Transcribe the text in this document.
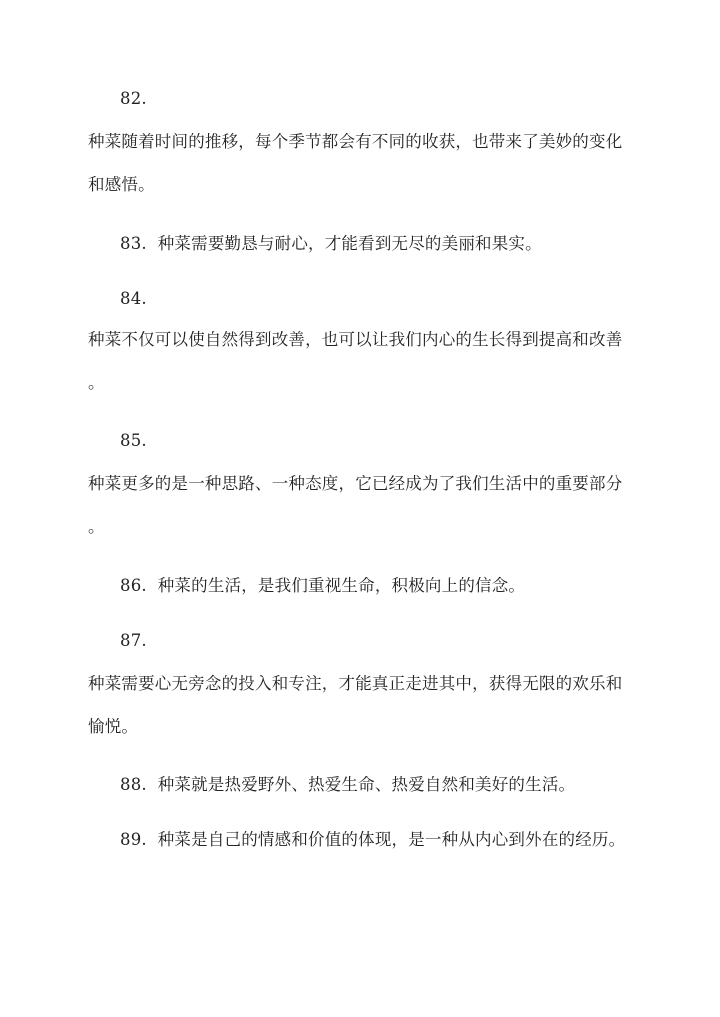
82.
种菜随着时间的推移，每个季节都会有不同的收获，也带来了美妙的变化
和感悟。
83. 种菜需要勤恳与耐心，才能看到无尽的美丽和果实。
84.
种菜不仅可以使自然得到改善，也可以让我们内心的生长得到提高和改善
。
85.
种菜更多的是一种思路、一种态度，它已经成为了我们生活中的重要部分
。
86. 种菜的生活，是我们重视生命，积极向上的信念。
87.
种菜需要心无旁念的投入和专注，才能真正走进其中，获得无限的欢乐和
愉悦。
88. 种菜就是热爱野外、热爱生命、热爱自然和美好的生活。
89. 种菜是自己的情感和价值的体现，是一种从内心到外在的经历。
